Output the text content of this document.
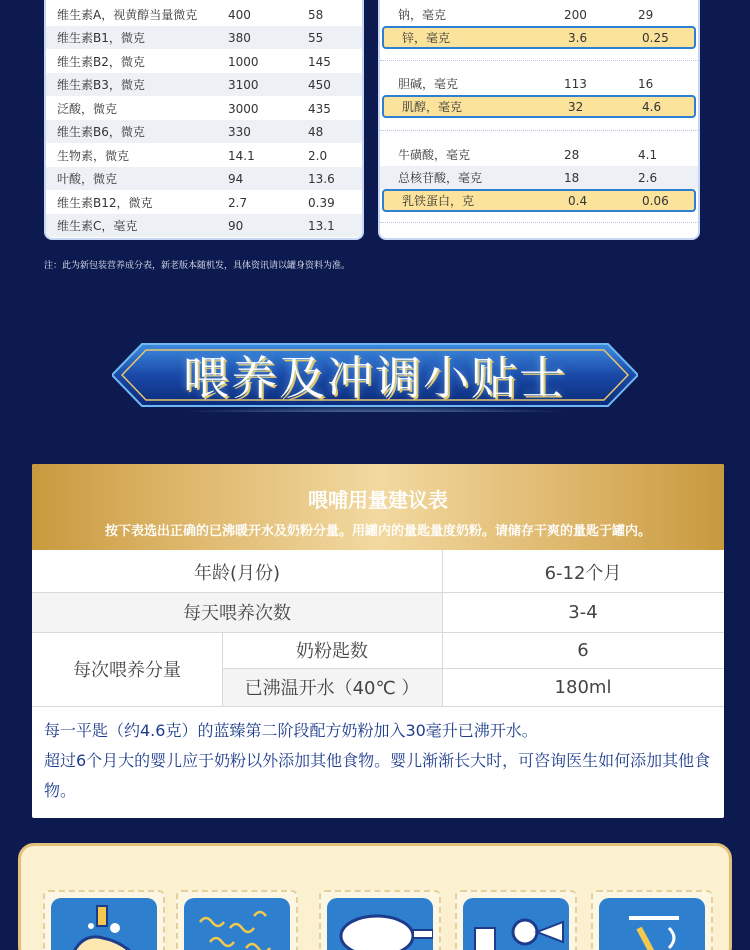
维生素A，视黄醇当量微克	400	58
维生素B1，微克	380	55
维生素B2，微克	1000	145
维生素B3，微克	3100	450
泛酸，微克	3000	435
维生素B6，微克	330	48
生物素，微克	14.1	2.0
叶酸，微克	94	13.6
维生素B12，微克	2.7	0.39
维生素C，毫克	90	13.1
钠，毫克	200	29
锌，毫克	3.6	0.25
胆碱，毫克	113	16
肌醇，毫克	32	4.6
牛磺酸，毫克	28	4.1
总核苷酸，毫克	18	2.6
乳铁蛋白，克	0.4	0.06
注：此为新包装营养成分表，新老版本随机发，具体资讯请以罐身资料为准。
喂养及冲调小贴士
喂哺用量建议表
按下表选出正确的已沸暖开水及奶粉分量。用罐内的量匙量度奶粉。请储存干爽的量匙于罐内。
年龄(月份)	6-12个月
每天喂养次数	3-4
每次喂养分量
奶粉匙数	6
已沸温开水（40℃ ）	180ml

每一平匙（约4.6克）的蓝臻第二阶段配方奶粉加入30毫升已沸开水。

超过6个月大的婴儿应于奶粉以外添加其他食物。婴儿渐渐长大时，可咨询医生如何添加其他食物。
